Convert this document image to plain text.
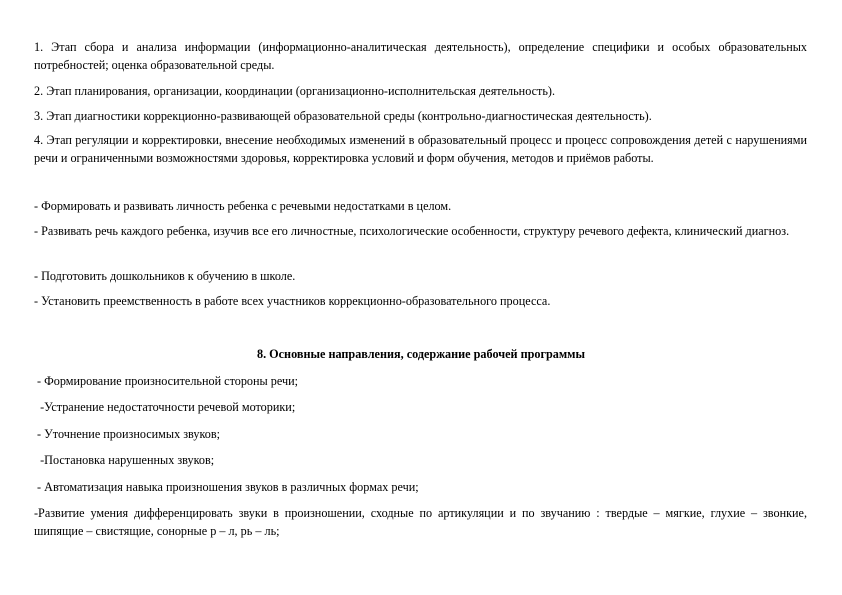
1. Этап сбора и анализа информации (информационно-аналитическая деятельность), определение специфики и особых образовательных потребностей; оценка образовательной среды.

2. Этап планирования, организации, координации (организационно-исполнительская деятельность).

3. Этап диагностики коррекционно-развивающей образовательной среды (контрольно-диагностическая деятельность).

4. Этап регуляции и корректировки, внесение необходимых изменений в образовательный процесс и процесс сопровождения детей с нарушениями речи и ограниченными возможностями здоровья, корректировка условий и форм обучения, методов и приёмов работы.

- Формировать и развивать личность ребенка с речевыми недостатками в целом.

- Развивать речь каждого ребенка, изучив все его личностные, психологические особенности, структуру речевого дефекта, клинический диагноз.

- Подготовить дошкольников к обучению в школе.

- Установить преемственность в работе всех участников коррекционно-образовательного процесса.

8. Основные направления, содержание рабочей программы

- Формирование произносительной стороны речи;

-Устранение недостаточности речевой моторики;

- Уточнение произносимых звуков;

-Постановка нарушенных звуков;

- Автоматизация навыка произношения звуков в различных формах речи;

-Развитие умения дифференцировать звуки в произношении, сходные по артикуляции и по звучанию : твердые – мягкие, глухие – звонкие, шипящие – свистящие, сонорные р – л, рь – ль;
